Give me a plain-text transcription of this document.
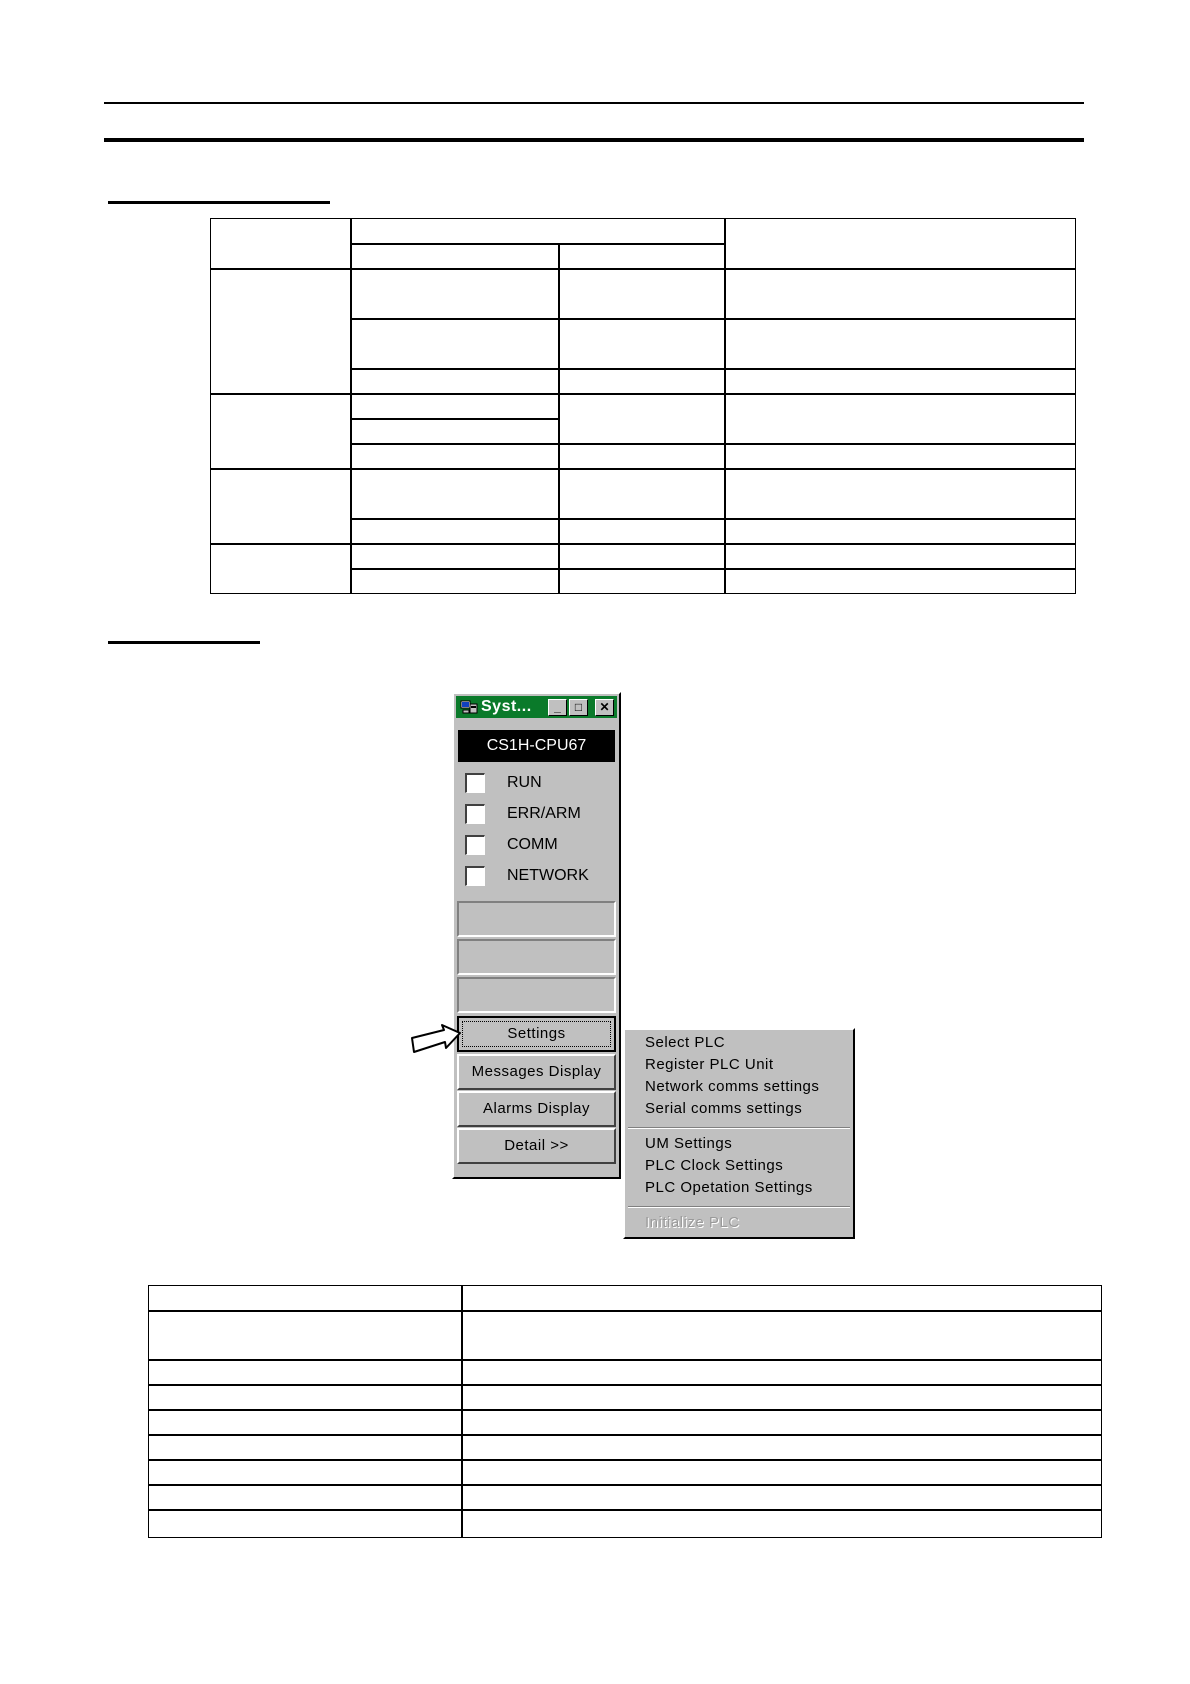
Syst...	_	□	✕
CS1H-CPU67
RUN
ERR/ARM
COMM
NETWORK
Settings
Messages Display
Alarms Display
Detail >>
Select PLC
Register PLC Unit
Network comms settings
Serial comms settings
UM Settings
PLC Clock Settings
PLC Opetation Settings
Initialize PLC
